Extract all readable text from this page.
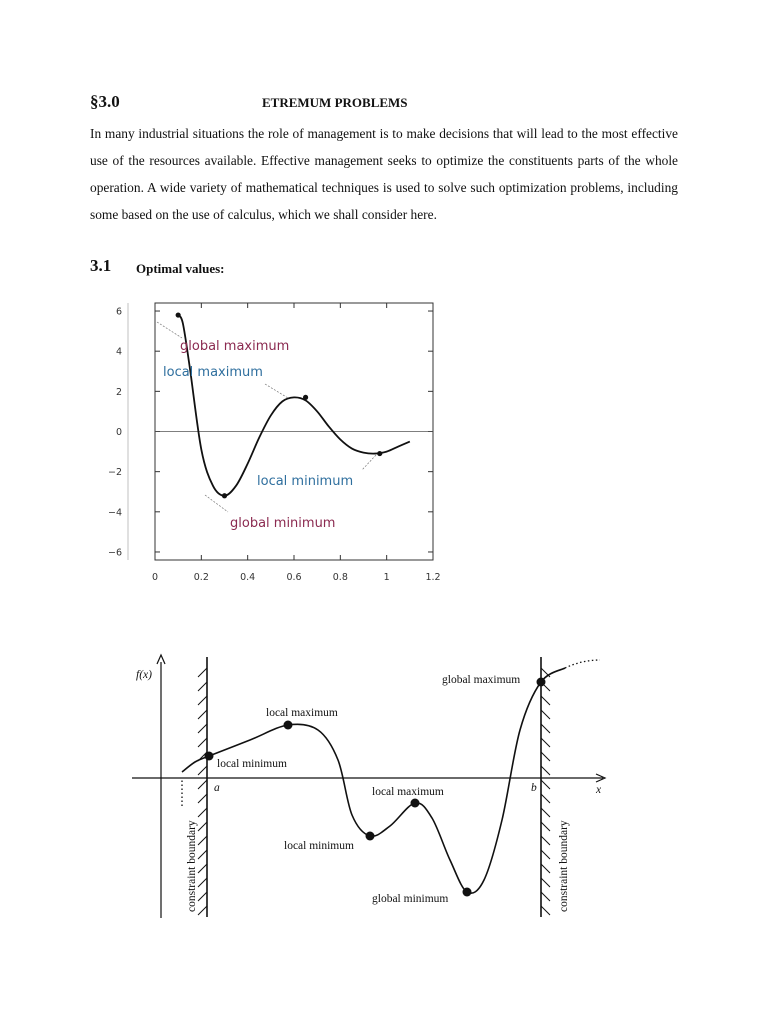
§3.0	ETREMUM PROBLEMS

In many industrial situations the role of management is to make decisions that will lead to the most effective use of the resources available. Effective management seeks to optimize the constituents parts of the whole operation. A wide variety of mathematical techniques is used to solve such optimization problems, including some based on the use of calculus, which we shall consider here.

3.1 Optimal values:
0	0.2	0.4	0.6	0.8	1	1.2
6
4
2
0
−2
−4
−6
global maximum
local maximum
local minimum
global minimum
local minimum
local maximum
local minimum
local maximum
global minimum
global maximum
f(x)
x
a	b
constraint boundary	constraint boundary
